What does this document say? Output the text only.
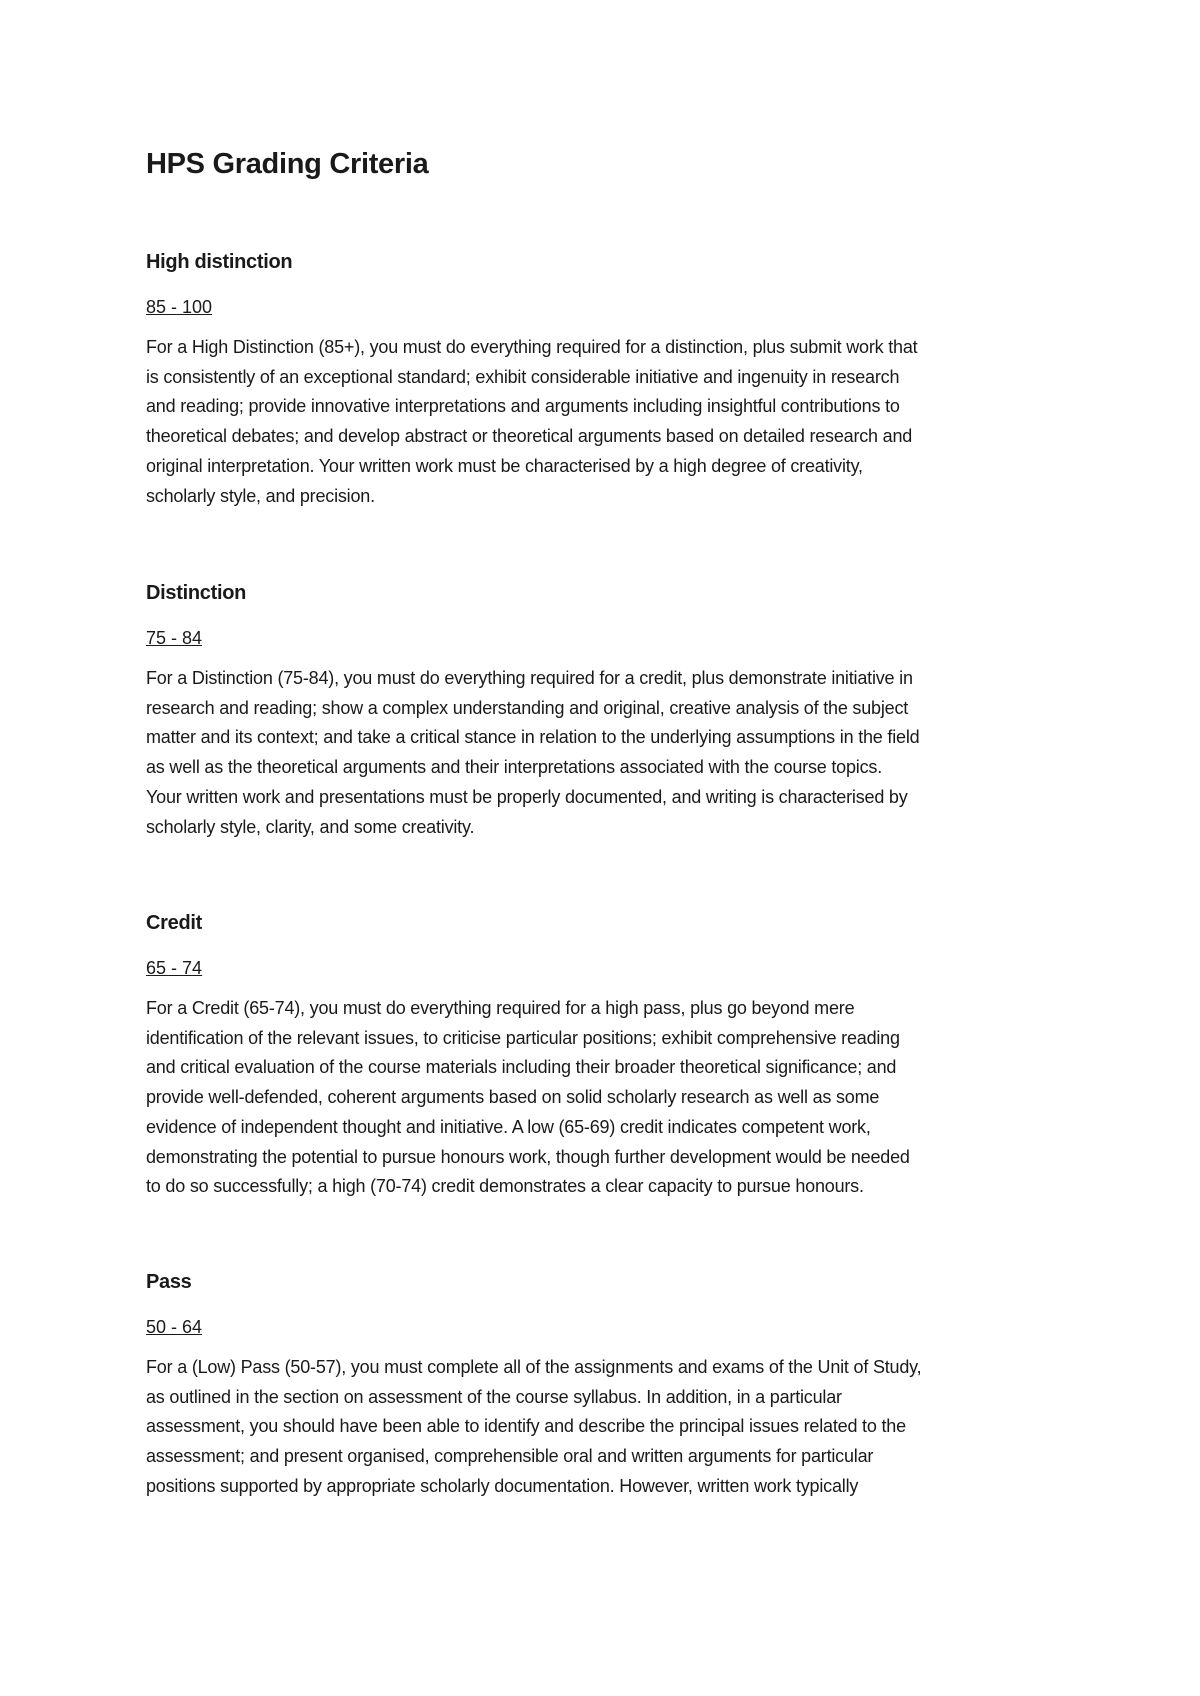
HPS Grading Criteria
High distinction

85 - 100

For a High Distinction (85+), you must do everything required for a distinction, plus submit work that
is consistently of an exceptional standard; exhibit considerable initiative and ingenuity in research
and reading; provide innovative interpretations and arguments including insightful contributions to
theoretical debates; and develop abstract or theoretical arguments based on detailed research and
original interpretation. Your written work must be characterised by a high degree of creativity,
scholarly style, and precision.

Distinction

75 - 84

For a Distinction (75-84), you must do everything required for a credit, plus demonstrate initiative in
research and reading; show a complex understanding and original, creative analysis of the subject
matter and its context; and take a critical stance in relation to the underlying assumptions in the field
as well as the theoretical arguments and their interpretations associated with the course topics.
Your written work and presentations must be properly documented, and writing is characterised by
scholarly style, clarity, and some creativity.

Credit

65 - 74

For a Credit (65-74), you must do everything required for a high pass, plus go beyond mere
identification of the relevant issues, to criticise particular positions; exhibit comprehensive reading
and critical evaluation of the course materials including their broader theoretical significance; and
provide well-defended, coherent arguments based on solid scholarly research as well as some
evidence of independent thought and initiative. A low (65-69) credit indicates competent work,
demonstrating the potential to pursue honours work, though further development would be needed
to do so successfully; a high (70-74) credit demonstrates a clear capacity to pursue honours.

Pass

50 - 64

For a (Low) Pass (50-57), you must complete all of the assignments and exams of the Unit of Study,
as outlined in the section on assessment of the course syllabus. In addition, in a particular
assessment, you should have been able to identify and describe the principal issues related to the
assessment; and present organised, comprehensible oral and written arguments for particular
positions supported by appropriate scholarly documentation. However, written work typically
